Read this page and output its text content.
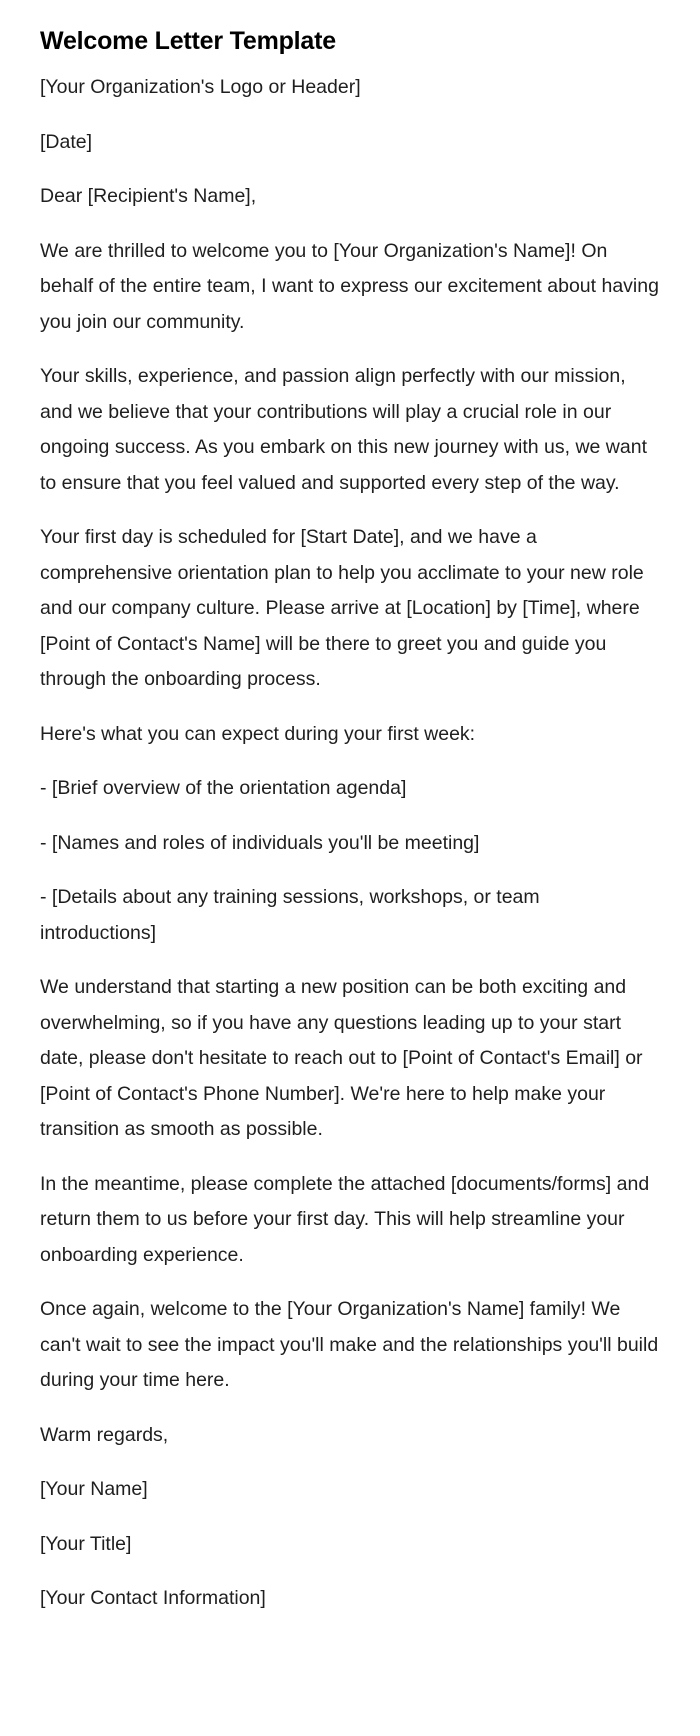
Welcome Letter Template

[Your Organization's Logo or Header]

[Date]

Dear [Recipient's Name],

We are thrilled to welcome you to [Your Organization's Name]! On behalf of the entire team, I want to express our excitement about having you join our community.

Your skills, experience, and passion align perfectly with our mission, and we believe that your contributions will play a crucial role in our ongoing success. As you embark on this new journey with us, we want to ensure that you feel valued and supported every step of the way.

Your first day is scheduled for [Start Date], and we have a comprehensive orientation plan to help you acclimate to your new role and our company culture. Please arrive at [Location] by [Time], where [Point of Contact's Name] will be there to greet you and guide you through the onboarding process.

Here's what you can expect during your first week:

- [Brief overview of the orientation agenda]

- [Names and roles of individuals you'll be meeting]

- [Details about any training sessions, workshops, or team introductions]

We understand that starting a new position can be both exciting and overwhelming, so if you have any questions leading up to your start date, please don't hesitate to reach out to [Point of Contact's Email] or [Point of Contact's Phone Number]. We're here to help make your transition as smooth as possible.

In the meantime, please complete the attached [documents/forms] and return them to us before your first day. This will help streamline your onboarding experience.

Once again, welcome to the [Your Organization's Name] family! We can't wait to see the impact you'll make and the relationships you'll build during your time here.

Warm regards,

[Your Name]

[Your Title]

[Your Contact Information]
